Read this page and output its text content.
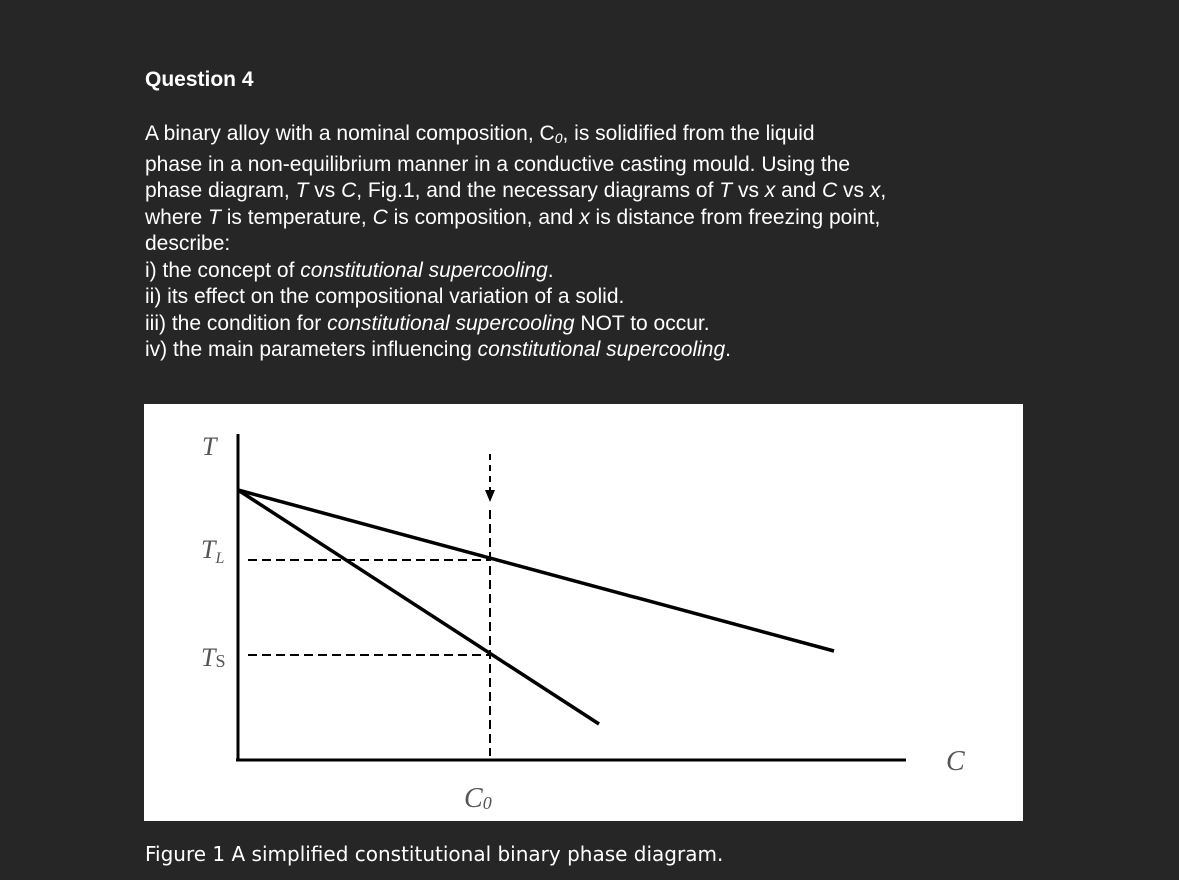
Question 4
A binary alloy with a nominal composition, $C_0$, is solidified from the liquid
phase in a non-equilibrium manner in a conductive casting mould. Using the
phase diagram, T vs C, Fig.1, and the necessary diagrams of T vs x and C vs x,
where T is temperature, C is composition, and x is distance from freezing point,
describe:
i) the concept of constitutional supercooling.
ii) its effect on the compositional variation of a solid.
iii) the condition for constitutional supercooling NOT to occur.
iv) the main parameters influencing constitutional supercooling.
T
TL
TS
C
C0
Figure 1 A simplified constitutional binary phase diagram.
